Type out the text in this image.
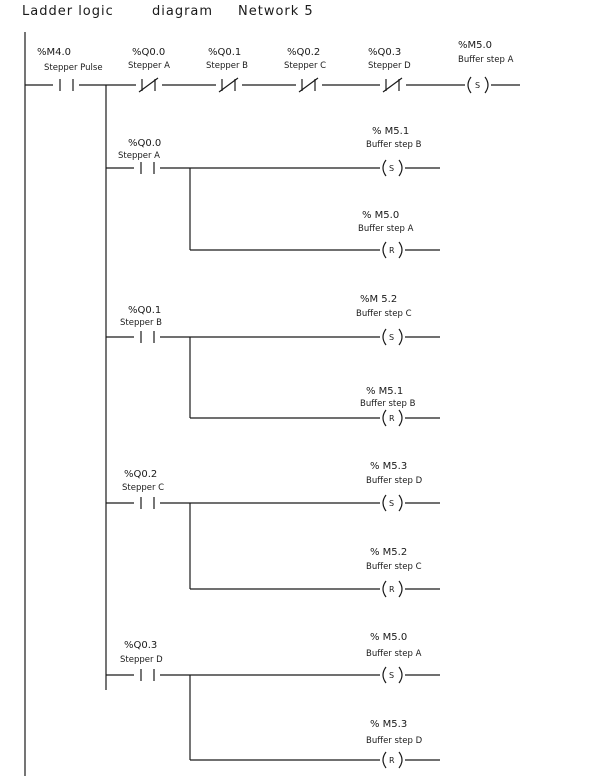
Ladder logic	diagram Network 5
%M4.0
Stepper Pulse
%Q0.0
Stepper A
%Q0.1
Stepper B
%Q0.2
Stepper C
%Q0.3
Stepper D
S
%M5.0
Buffer step A
%Q0.0
Stepper A
S
% M5.1
Buffer step B
R
% M5.0
Buffer step A
%Q0.1
Stepper B
S
%M 5.2
Buffer step C
R
% M5.1
Buffer step B
%Q0.2
Stepper C
S
% M5.3
Buffer step D
R
% M5.2
Buffer step C
%Q0.3
Stepper D
S
% M5.0
Buffer step A
R
% M5.3
Buffer step D
